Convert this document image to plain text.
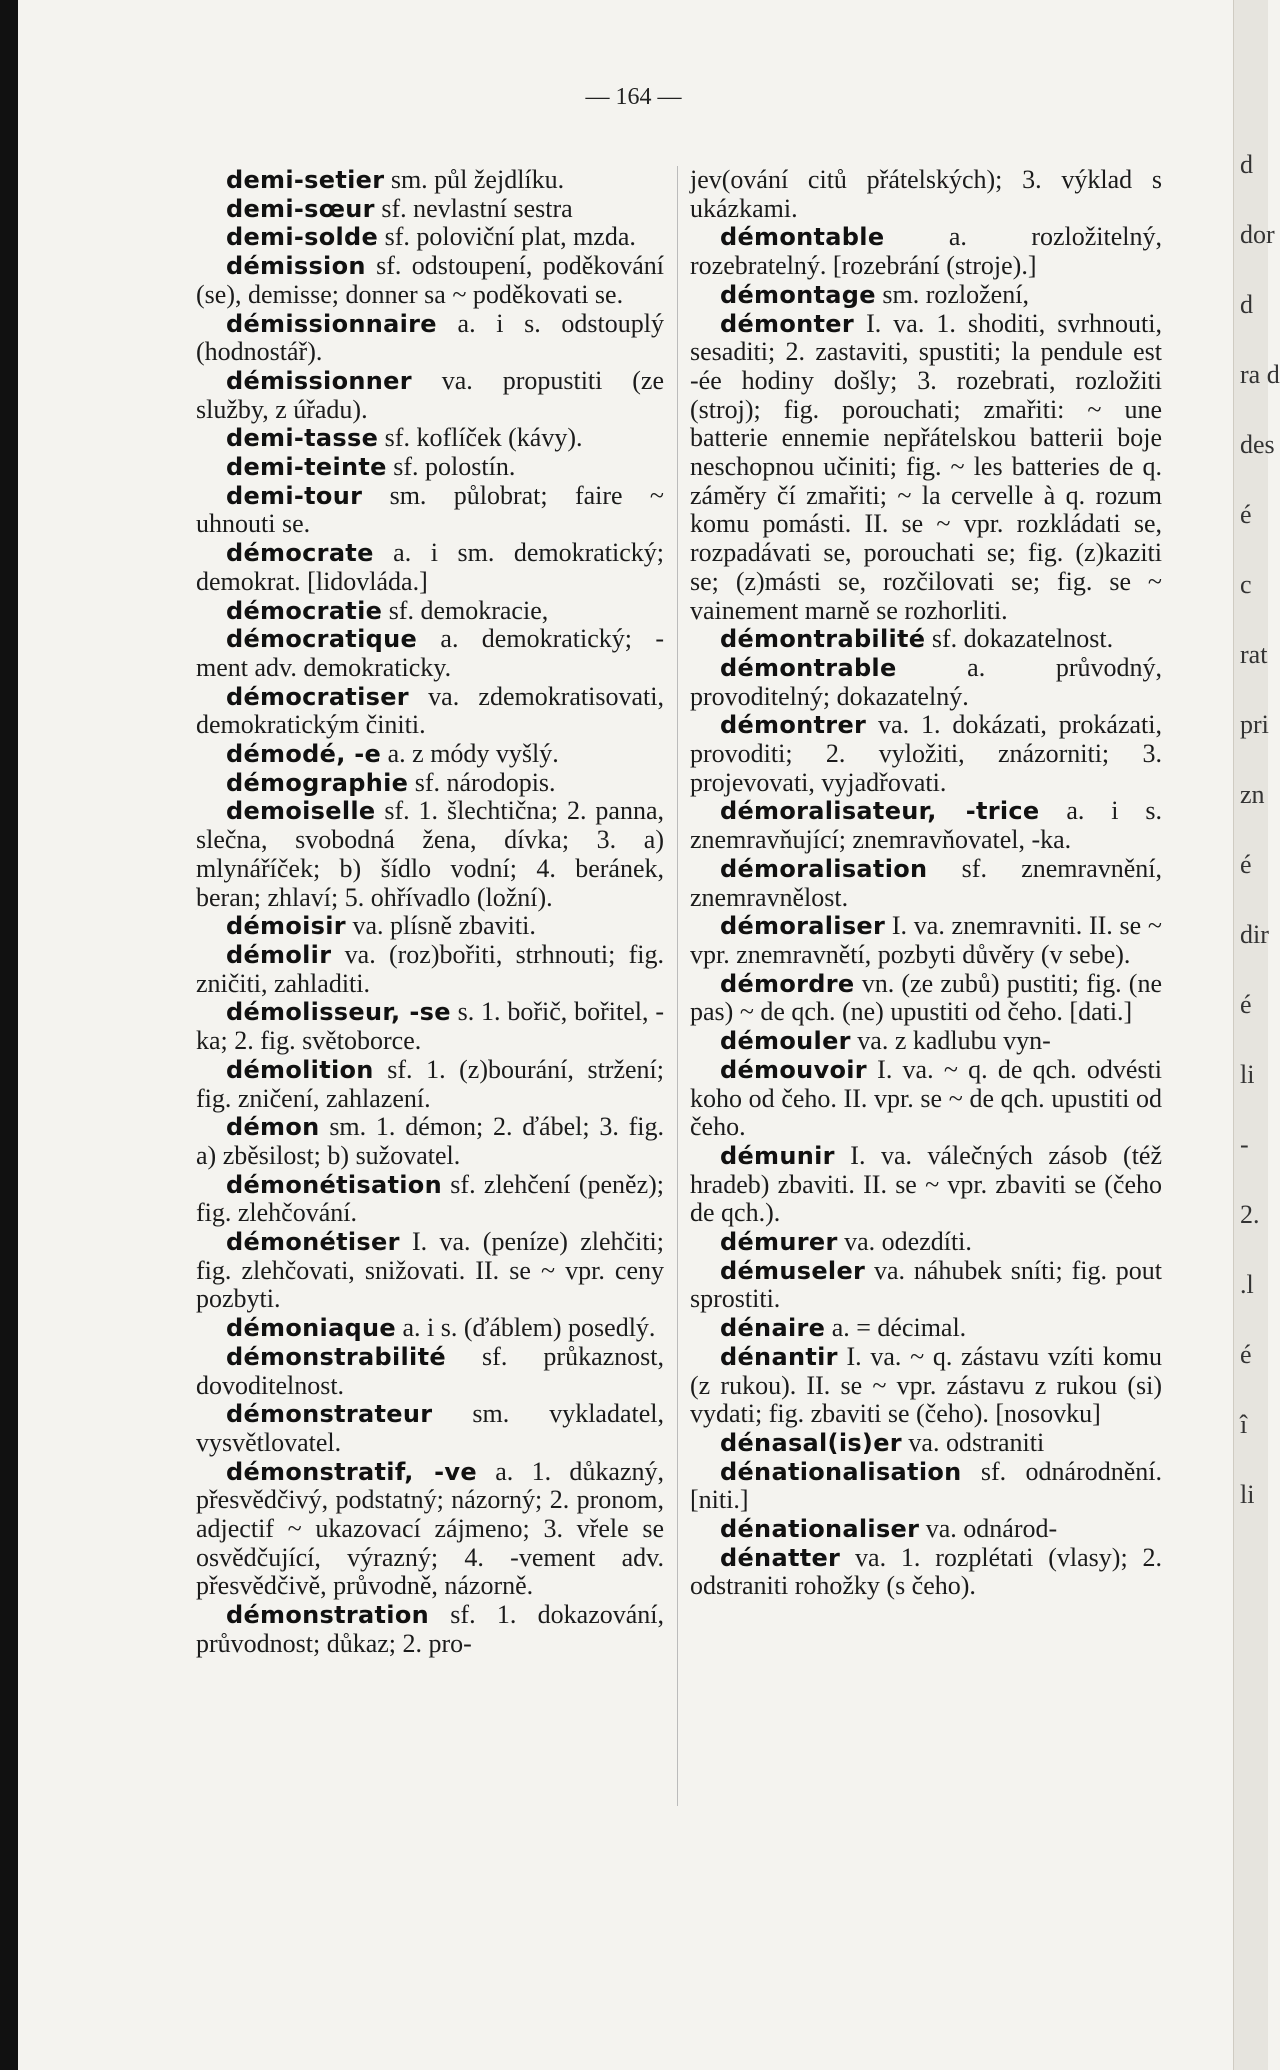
— 164 —

demi-setier sm. půl žejdlíku.

demi-sœur sf. nevlastní sestra

demi-solde sf. poloviční plat, mzda.

démission sf. odstoupení, poděkování (se), demisse; donner sa ~ poděkovati se.

démissionnaire a. i s. odstouplý (hodnostář).

démissionner va. propustiti (ze služby, z úřadu).

demi-tasse sf. koflíček (kávy).

demi-teinte sf. polostín.

demi-tour sm. půlobrat; faire ~ uhnouti se.

démocrate a. i sm. demokratický; demokrat. [lidovláda.]

démocratie sf. demokracie,

démocratique a. demokratický; -ment adv. demokraticky.

démocratiser va. zdemokratisovati, demokratickým činiti.

démodé, -e a. z módy vyšlý.

démographie sf. národopis.

demoiselle sf. 1. šlechtična; 2. panna, slečna, svobodná žena, dívka; 3. a) mlynáříček; b) šídlo vodní; 4. beránek, beran; zhlaví; 5. ohřívadlo (ložní).

démoisir va. plísně zbaviti.

démolir va. (roz)bořiti, strhnouti; fig. zničiti, zahladiti.

démolisseur, -se s. 1. bořič, bořitel, -ka; 2. fig. světoborce.

démolition sf. 1. (z)bourání, stržení; fig. zničení, zahlazení.

démon sm. 1. démon; 2. ďábel; 3. fig. a) zběsilost; b) sužovatel.

démonétisation sf. zlehčení (peněz); fig. zlehčování.

démonétiser I. va. (peníze) zlehčiti; fig. zlehčovati, snižovati. II. se ~ vpr. ceny pozbyti.

démoniaque a. i s. (ďáblem) posedlý.

démonstrabilité sf. průkaznost, dovoditelnost.

démonstrateur sm. vykladatel, vysvětlovatel.

démonstratif, -ve a. 1. důkazný, přesvědčivý, podstatný; názorný; 2. pronom, adjectif ~ ukazovací zájmeno; 3. vřele se osvědčující, výrazný; 4. -vement adv. přesvědčivě, průvodně, názorně.

démonstration sf. 1. dokazování, průvodnost; důkaz; 2. pro-

jev(ování citů přátelských); 3. výklad s ukázkami.

démontable a. rozložitelný, rozebratelný. [rozebrání (stroje).]

démontage sm. rozložení,

démonter I. va. 1. shoditi, svrhnouti, sesaditi; 2. zastaviti, spustiti; la pendule est -ée hodiny došly; 3. rozebrati, rozložiti (stroj); fig. porouchati; zmařiti: ~ une batterie ennemie nepřátelskou batterii boje neschopnou učiniti; fig. ~ les batteries de q. záměry čí zmařiti; ~ la cervelle à q. rozum komu pomásti. II. se ~ vpr. rozkládati se, rozpadávati se, porouchati se; fig. (z)kaziti se; (z)másti se, rozčilovati se; fig. se ~ vainement marně se rozhorliti.

démontrabilité sf. dokazatelnost.

démontrable a. průvodný, provoditelný; dokazatelný.

démontrer va. 1. dokázati, prokázati, provoditi; 2. vyložiti, znázorniti; 3. projevovati, vyjadřovati.

démoralisateur, -trice a. i s. znemravňující; znemravňovatel, -ka.

démoralisation sf. znemravnění, znemravnělost.

démoraliser I. va. znemravniti. II. se ~ vpr. znemravnětí, pozbyti důvěry (v sebe).

démordre vn. (ze zubů) pustiti; fig. (ne pas) ~ de qch. (ne) upustiti od čeho. [dati.]

démouler va. z kadlubu vyn-

démouvoir I. va. ~ q. de qch. odvésti koho od čeho. II. vpr. se ~ de qch. upustiti od čeho.

démunir I. va. válečných zásob (též hradeb) zbaviti. II. se ~ vpr. zbaviti se (čeho de qch.).

démurer va. odezdíti.

démuseler va. náhubek sníti; fig. pout sprostiti.

dénaire a. = décimal.

dénantir I. va. ~ q. zástavu vzíti komu (z rukou). II. se ~ vpr. zástavu z rukou (si) vydati; fig. zbaviti se (čeho). [nosovku]

dénasal(is)er va. odstraniti

dénationalisation sf. odnárodnění. [niti.]

dénationaliser va. odnárod-

dénatter va. 1. rozplétati (vlasy); 2. odstraniti rohožky (s čeho).

d
dor
d
ra d
des
é
c
rat
pri
zn
é
dir
é
li
-
2.
.l
é
î
li
